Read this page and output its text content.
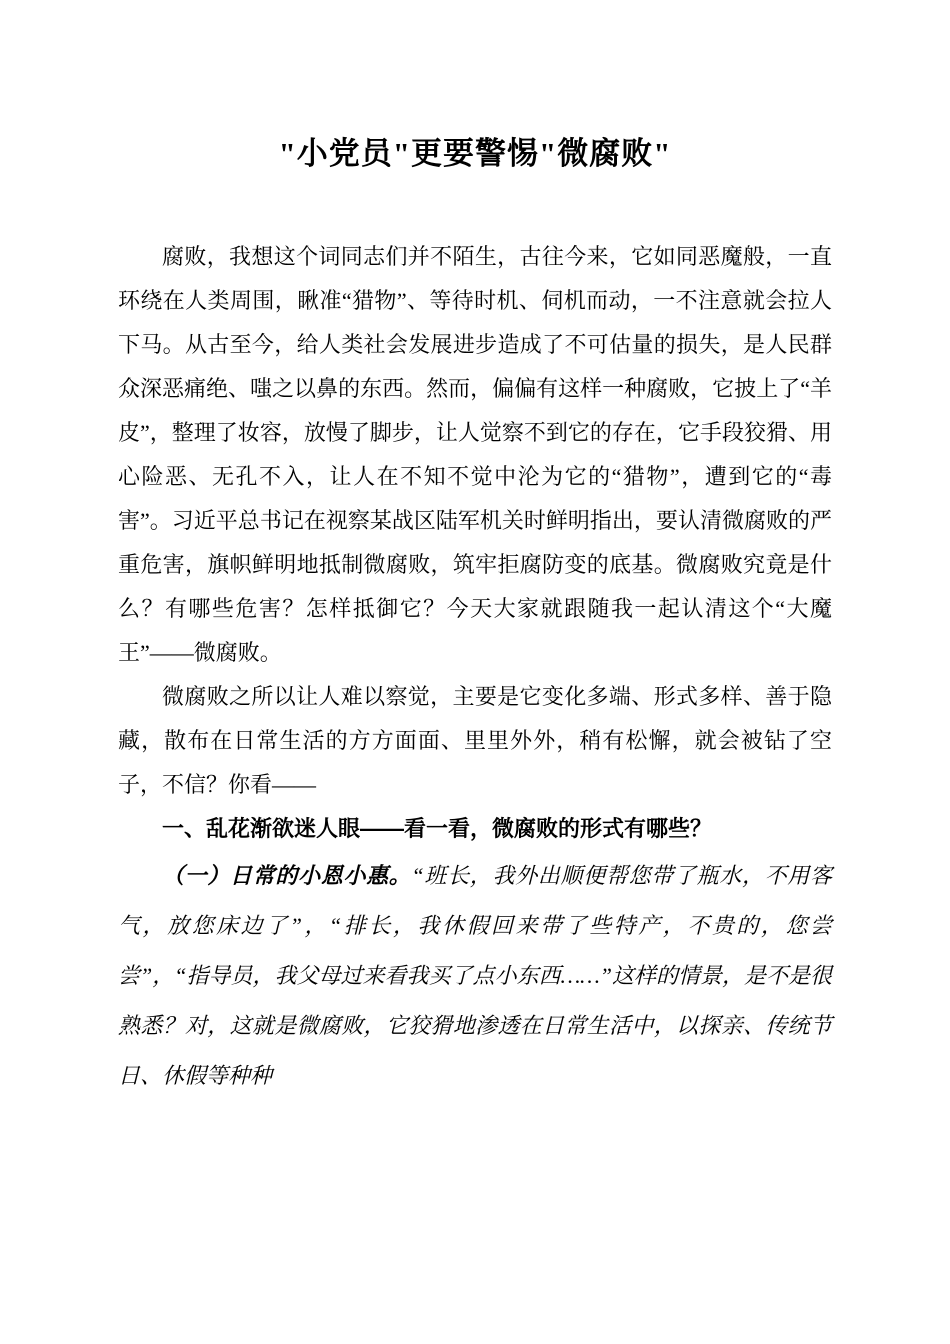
"小党员"更要警惕"微腐败"

腐败，我想这个词同志们并不陌生，古往今来，它如同恶魔般，一直环绕在人类周围，瞅准“猎物”、等待时机、伺机而动，一不注意就会拉人下马。从古至今，给人类社会发展进步造成了不可估量的损失，是人民群众深恶痛绝、嗤之以鼻的东西。然而，偏偏有这样一种腐败，它披上了“羊皮”，整理了妆容，放慢了脚步，让人觉察不到它的存在，它手段狡猾、用心险恶、无孔不入，让人在不知不觉中沦为它的“猎物”，遭到它的“毒害”。习近平总书记在视察某战区陆军机关时鲜明指出，要认清微腐败的严重危害，旗帜鲜明地抵制微腐败，筑牢拒腐防变的底基。微腐败究竟是什么？有哪些危害？怎样抵御它？今天大家就跟随我一起认清这个“大魔王”——微腐败。

微腐败之所以让人难以察觉，主要是它变化多端、形式多样、善于隐藏，散布在日常生活的方方面面、里里外外，稍有松懈，就会被钻了空子，不信？你看——

一、乱花渐欲迷人眼——看一看，微腐败的形式有哪些？

（一）日常的小恩小惠。“班长，我外出顺便帮您带了瓶水，不用客气，放您床边了”，“排长，我休假回来带了些特产，不贵的，您尝尝”，“指导员，我父母过来看我买了点小东西……”这样的情景，是不是很熟悉？对，这就是微腐败，它狡猾地渗透在日常生活中，以探亲、传统节日、休假等种种
